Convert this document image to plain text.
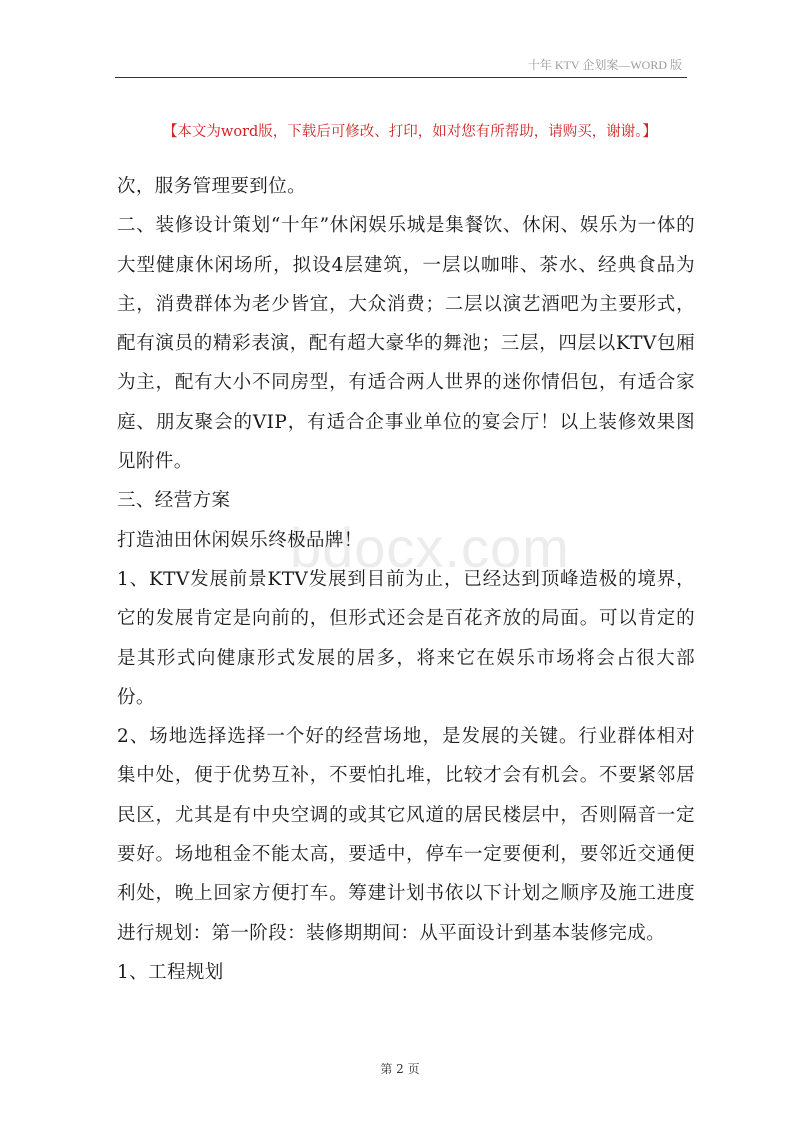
十年 KTV 企划案—WORD 版
【本文为word版，下载后可修改、打印，如对您有所帮助，请购买，谢谢。】
bdocx.com

次，服务管理要到位。

二、装修设计策划“十年”休闲娱乐城是集餐饮、休闲、娱乐为一体的大型健康休闲场所，拟设4层建筑，一层以咖啡、茶水、经典食品为主，消费群体为老少皆宜，大众消费；二层以演艺酒吧为主要形式，配有演员的精彩表演，配有超大豪华的舞池；三层，四层以KTV包厢为主，配有大小不同房型，有适合两人世界的迷你情侣包，有适合家庭、朋友聚会的VIP，有适合企事业单位的宴会厅！以上装修效果图见附件。

三、经营方案

打造油田休闲娱乐终极品牌！

1、KTV发展前景KTV发展到目前为止，已经达到顶峰造极的境界，它的发展肯定是向前的，但形式还会是百花齐放的局面。可以肯定的是其形式向健康形式发展的居多，将来它在娱乐市场将会占很大部份。

2、场地选择选择一个好的经营场地，是发展的关键。行业群体相对集中处，便于优势互补，不要怕扎堆，比较才会有机会。不要紧邻居民区，尤其是有中央空调的或其它风道的居民楼层中，否则隔音一定要好。场地租金不能太高，要适中，停车一定要便利，要邻近交通便利处，晚上回家方便打车。筹建计划书依以下计划之顺序及施工进度进行规划：第一阶段：装修期期间：从平面设计到基本装修完成。

1、工程规划

第 2 页
